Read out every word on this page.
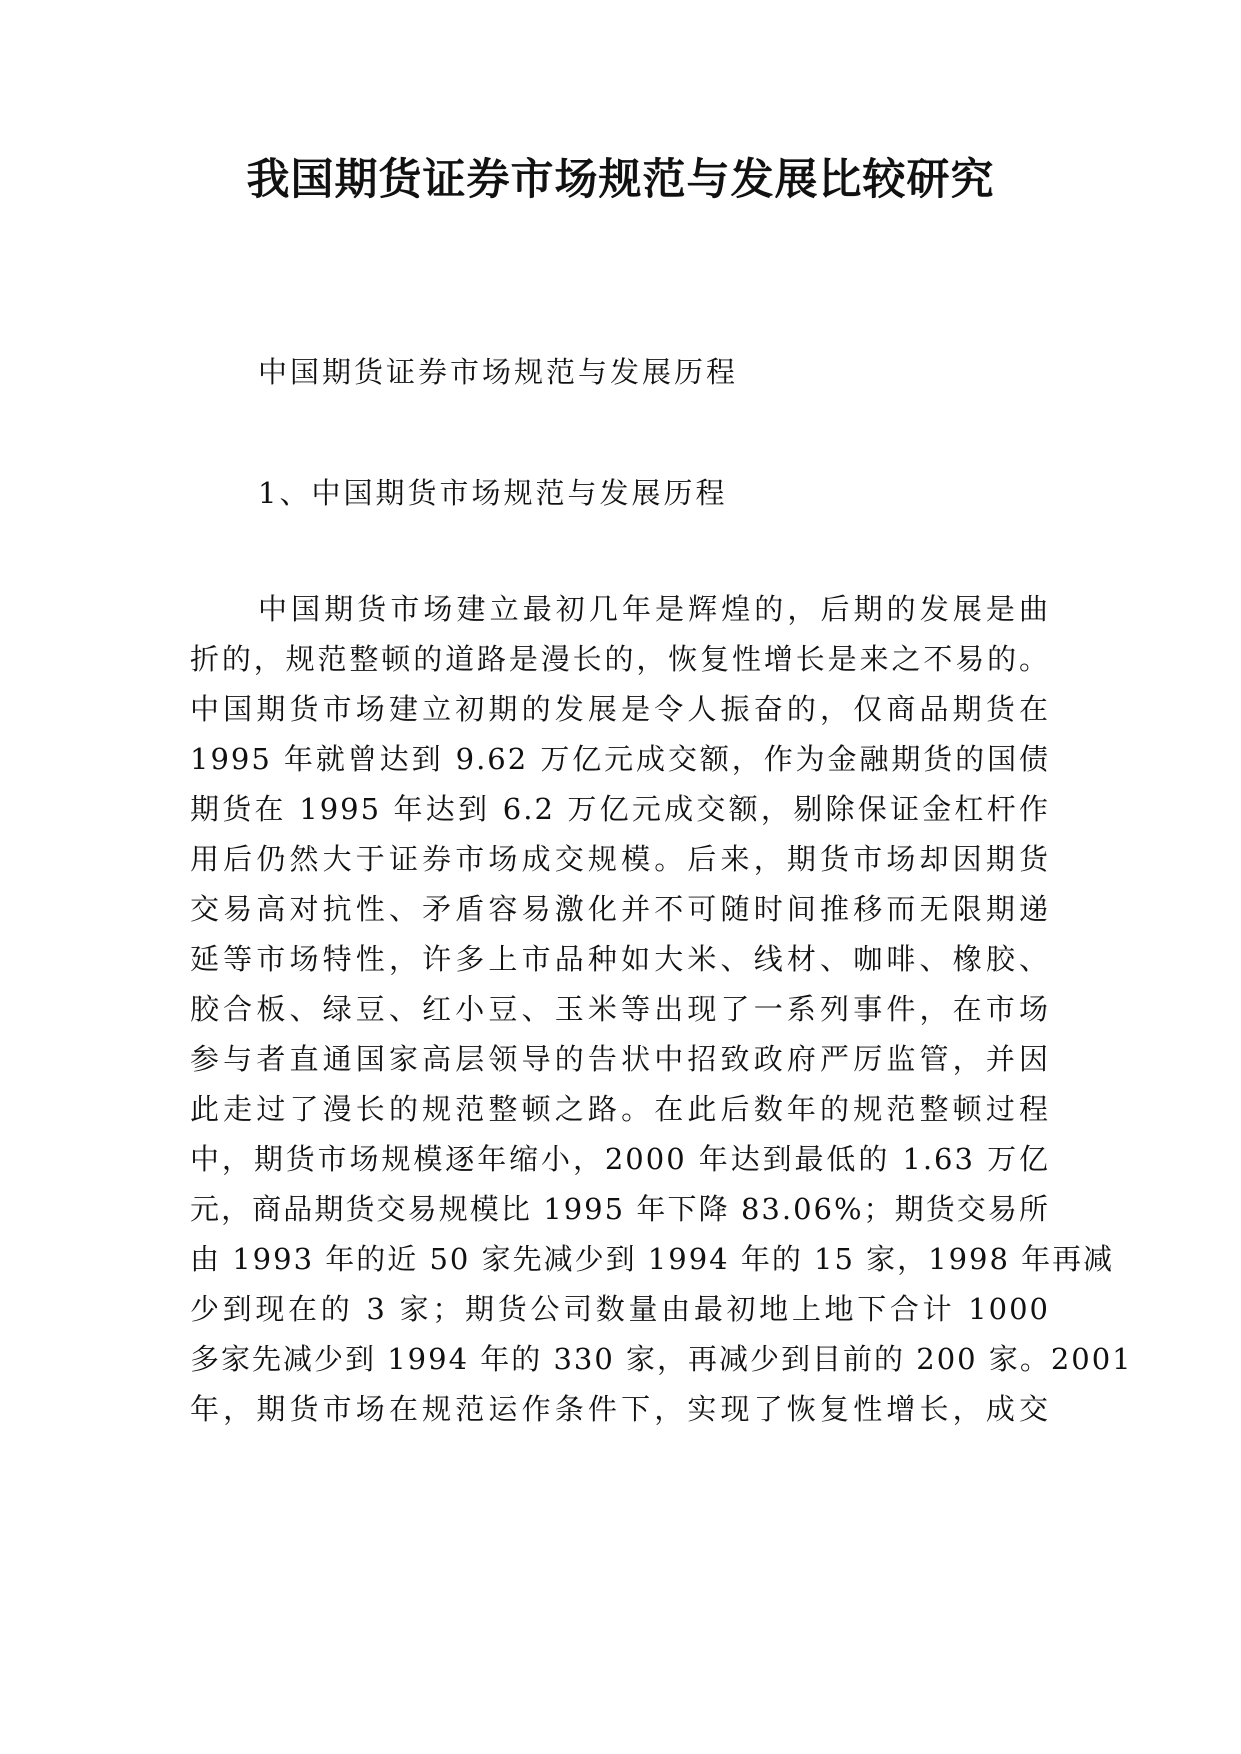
我国期货证券市场规范与发展比较研究

中国期货证券市场规范与发展历程

1、中国期货市场规范与发展历程

中国期货市场建立最初几年是辉煌的，后期的发展是曲
折的，规范整顿的道路是漫长的，恢复性增长是来之不易的。
中国期货市场建立初期的发展是令人振奋的，仅商品期货在
1995 年就曾达到 9.62 万亿元成交额，作为金融期货的国债
期货在 1995 年达到 6.2 万亿元成交额，剔除保证金杠杆作
用后仍然大于证券市场成交规模。后来，期货市场却因期货
交易高对抗性、矛盾容易激化并不可随时间推移而无限期递
延等市场特性，许多上市品种如大米、线材、咖啡、橡胶、
胶合板、绿豆、红小豆、玉米等出现了一系列事件，在市场
参与者直通国家高层领导的告状中招致政府严厉监管，并因
此走过了漫长的规范整顿之路。在此后数年的规范整顿过程
中，期货市场规模逐年缩小，2000 年达到最低的 1.63 万亿
元，商品期货交易规模比 1995 年下降 83.06%；期货交易所
由 1993 年的近 50 家先减少到 1994 年的 15 家，1998 年再减
少到现在的 3 家；期货公司数量由最初地上地下合计 1000
多家先减少到 1994 年的 330 家，再减少到目前的 200 家。2001
年，期货市场在规范运作条件下，实现了恢复性增长，成交
